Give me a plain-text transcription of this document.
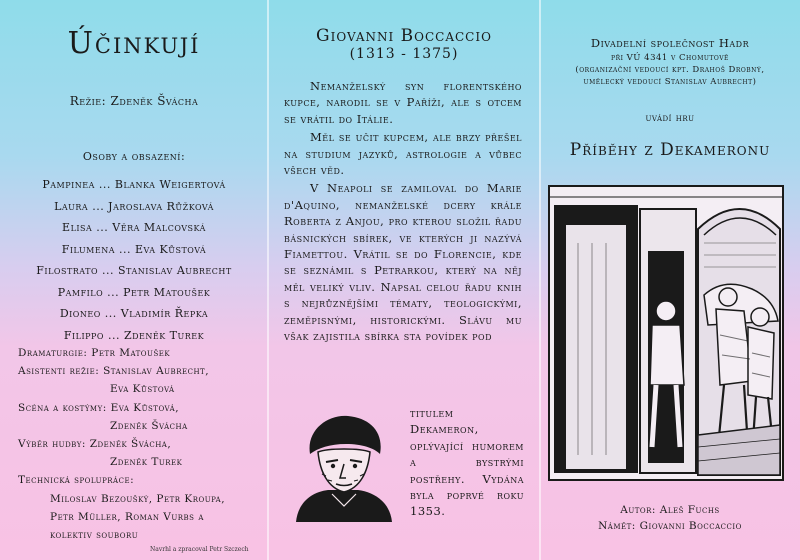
Účinkují
Režie: Zdeněk Švácha
Osoby a obsazení:
Pampinea ... Blanka Weigertová
Laura ... Jaroslava Růžková
Elisa ... Věra Malcovská
Filumena ... Eva Kůstová
Filostrato ... Stanislav Aubrecht
Pamfilo ... Petr Matoušek
Dioneo ... Vladimír Řepka
Filippo ... Zdeněk Turek
Dramaturgie: Petr Matoušek
Asistenti režie: Stanislav Aubrecht,
Eva Kůstová
Scéna a kostýmy: Eva Kůstová,
Zdeněk Švácha
Výběr hudby: Zdeněk Švácha,
Zdeněk Turek
Technická spolupráce:
Miloslav Bezoušký, Petr Kroupa,
Petr Müller, Roman Vurbs a
kolektiv souboru
Navrhl a zpracoval Petr Szczech
Giovanni Boccaccio
(1313 - 1375)

Nemanželský syn florentského kupce, narodil se v Paříži, ale s otcem se vrátil do Itálie.

Měl se učit kupcem, ale brzy přešel na studium jazyků, astrologie a vůbec všech věd.

V Neapoli se zamiloval do Marie d'Aquino, nemanželské dcery krále Roberta z Anjou, pro kterou složil řadu básnických sbírek, ve kterých ji nazývá Fiamettou. Vrátil se do Florencie, kde se seznámil s Petrarkou, který na něj měl veliký vliv. Napsal celou řadu knih s nejrůznějšími tématy, teologickými, zeměpisnými, historickými. Slávu mu však zajistila sbírka sta povídek pod

titulem Dekameron, oplývající humorem a bystrými postřehy. Vydána byla poprvé roku 1353.
Divadelní společnost Hadr
při VÚ 4341 v Chomutově
(organizační vedoucí kpt. Drahoš Drobný,
umělecký vedoucí Stanislav Aubrecht)
uvádí hru
Příběhy z Dekameronu
Autor: Aleš Fuchs
Námět: Giovanni Boccaccio
